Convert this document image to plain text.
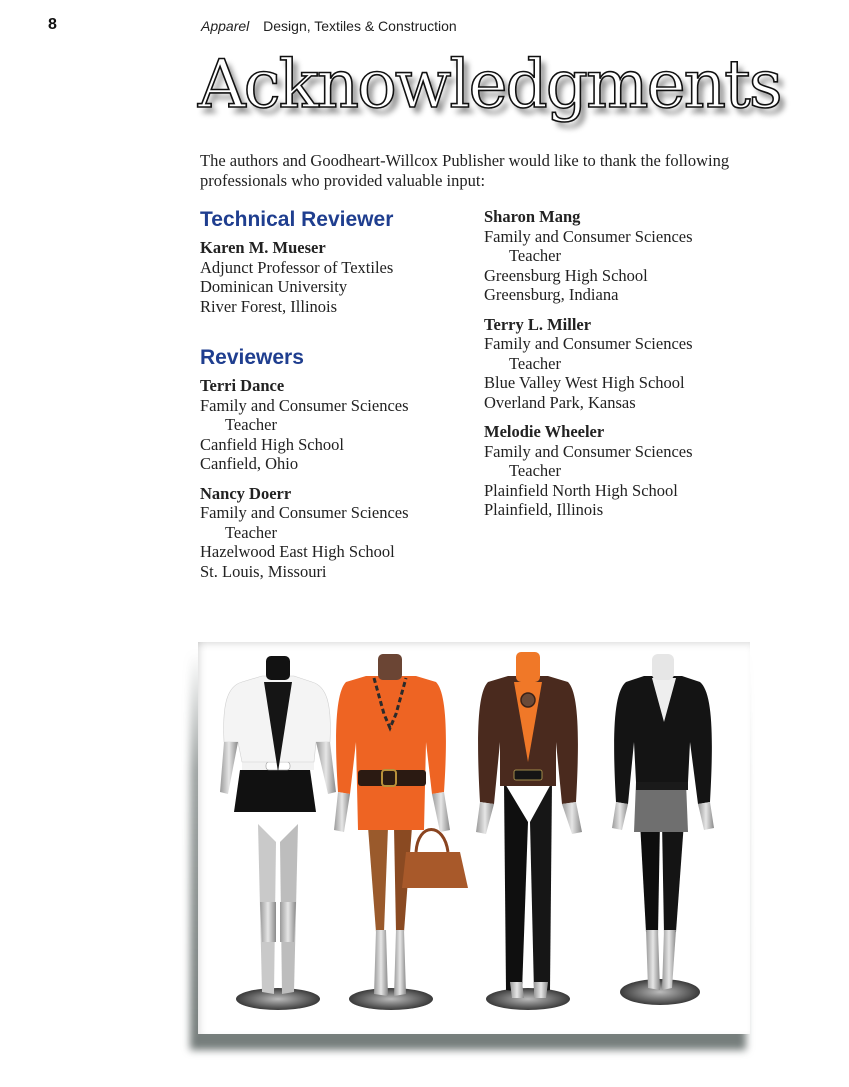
8	Apparel Design, Textiles & Construction
Acknowledgments
The authors and Goodheart-Willcox Publisher would like to thank the following professionals who provided valuable input:
Technical Reviewer
Karen M. Mueser
Adjunct Professor of Textiles
Dominican University
River Forest, Illinois
Reviewers
Terri Dance
Family and Consumer Sciences
Teacher
Canfield High School
Canfield, Ohio
Nancy Doerr
Family and Consumer Sciences
Teacher
Hazelwood East High School
St. Louis, Missouri
Sharon Mang
Family and Consumer Sciences
Teacher
Greensburg High School
Greensburg, Indiana
Terry L. Miller
Family and Consumer Sciences
Teacher
Blue Valley West High School
Overland Park, Kansas
Melodie Wheeler
Family and Consumer Sciences
Teacher
Plainfield North High School
Plainfield, Illinois
